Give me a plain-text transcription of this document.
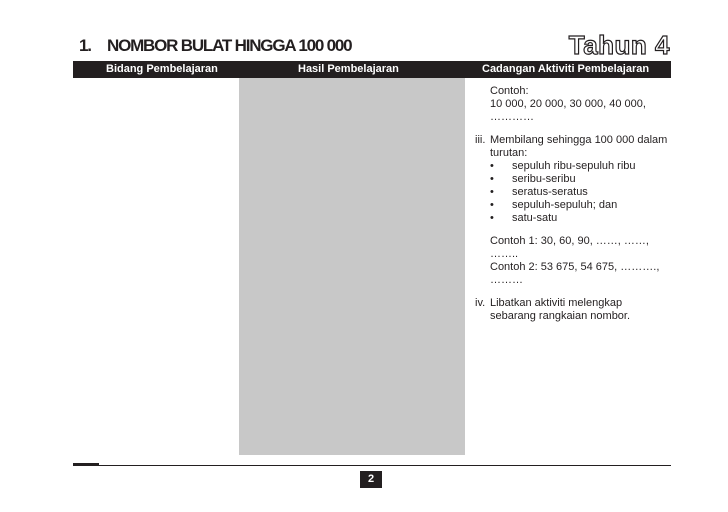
1. NOMBOR BULAT HINGGA 100 000	Tahun 4
Bidang Pembelajaran	Hasil Pembelajaran	Cadangan Aktiviti Pembelajaran
Contoh:
10 000, 20 000, 30 000, 40 000,
…………
iii. Membilang sehingga 100 000 dalam
turutan:
• sepuluh ribu-sepuluh ribu
• seribu-seribu
• seratus-seratus
• sepuluh-sepuluh; dan
• satu-satu
Contoh 1: 30, 60, 90, ……, ……,
……..
Contoh 2: 53 675, 54 675, ……….,
………
iv. Libatkan aktiviti melengkap
sebarang rangkaian nombor.
2
